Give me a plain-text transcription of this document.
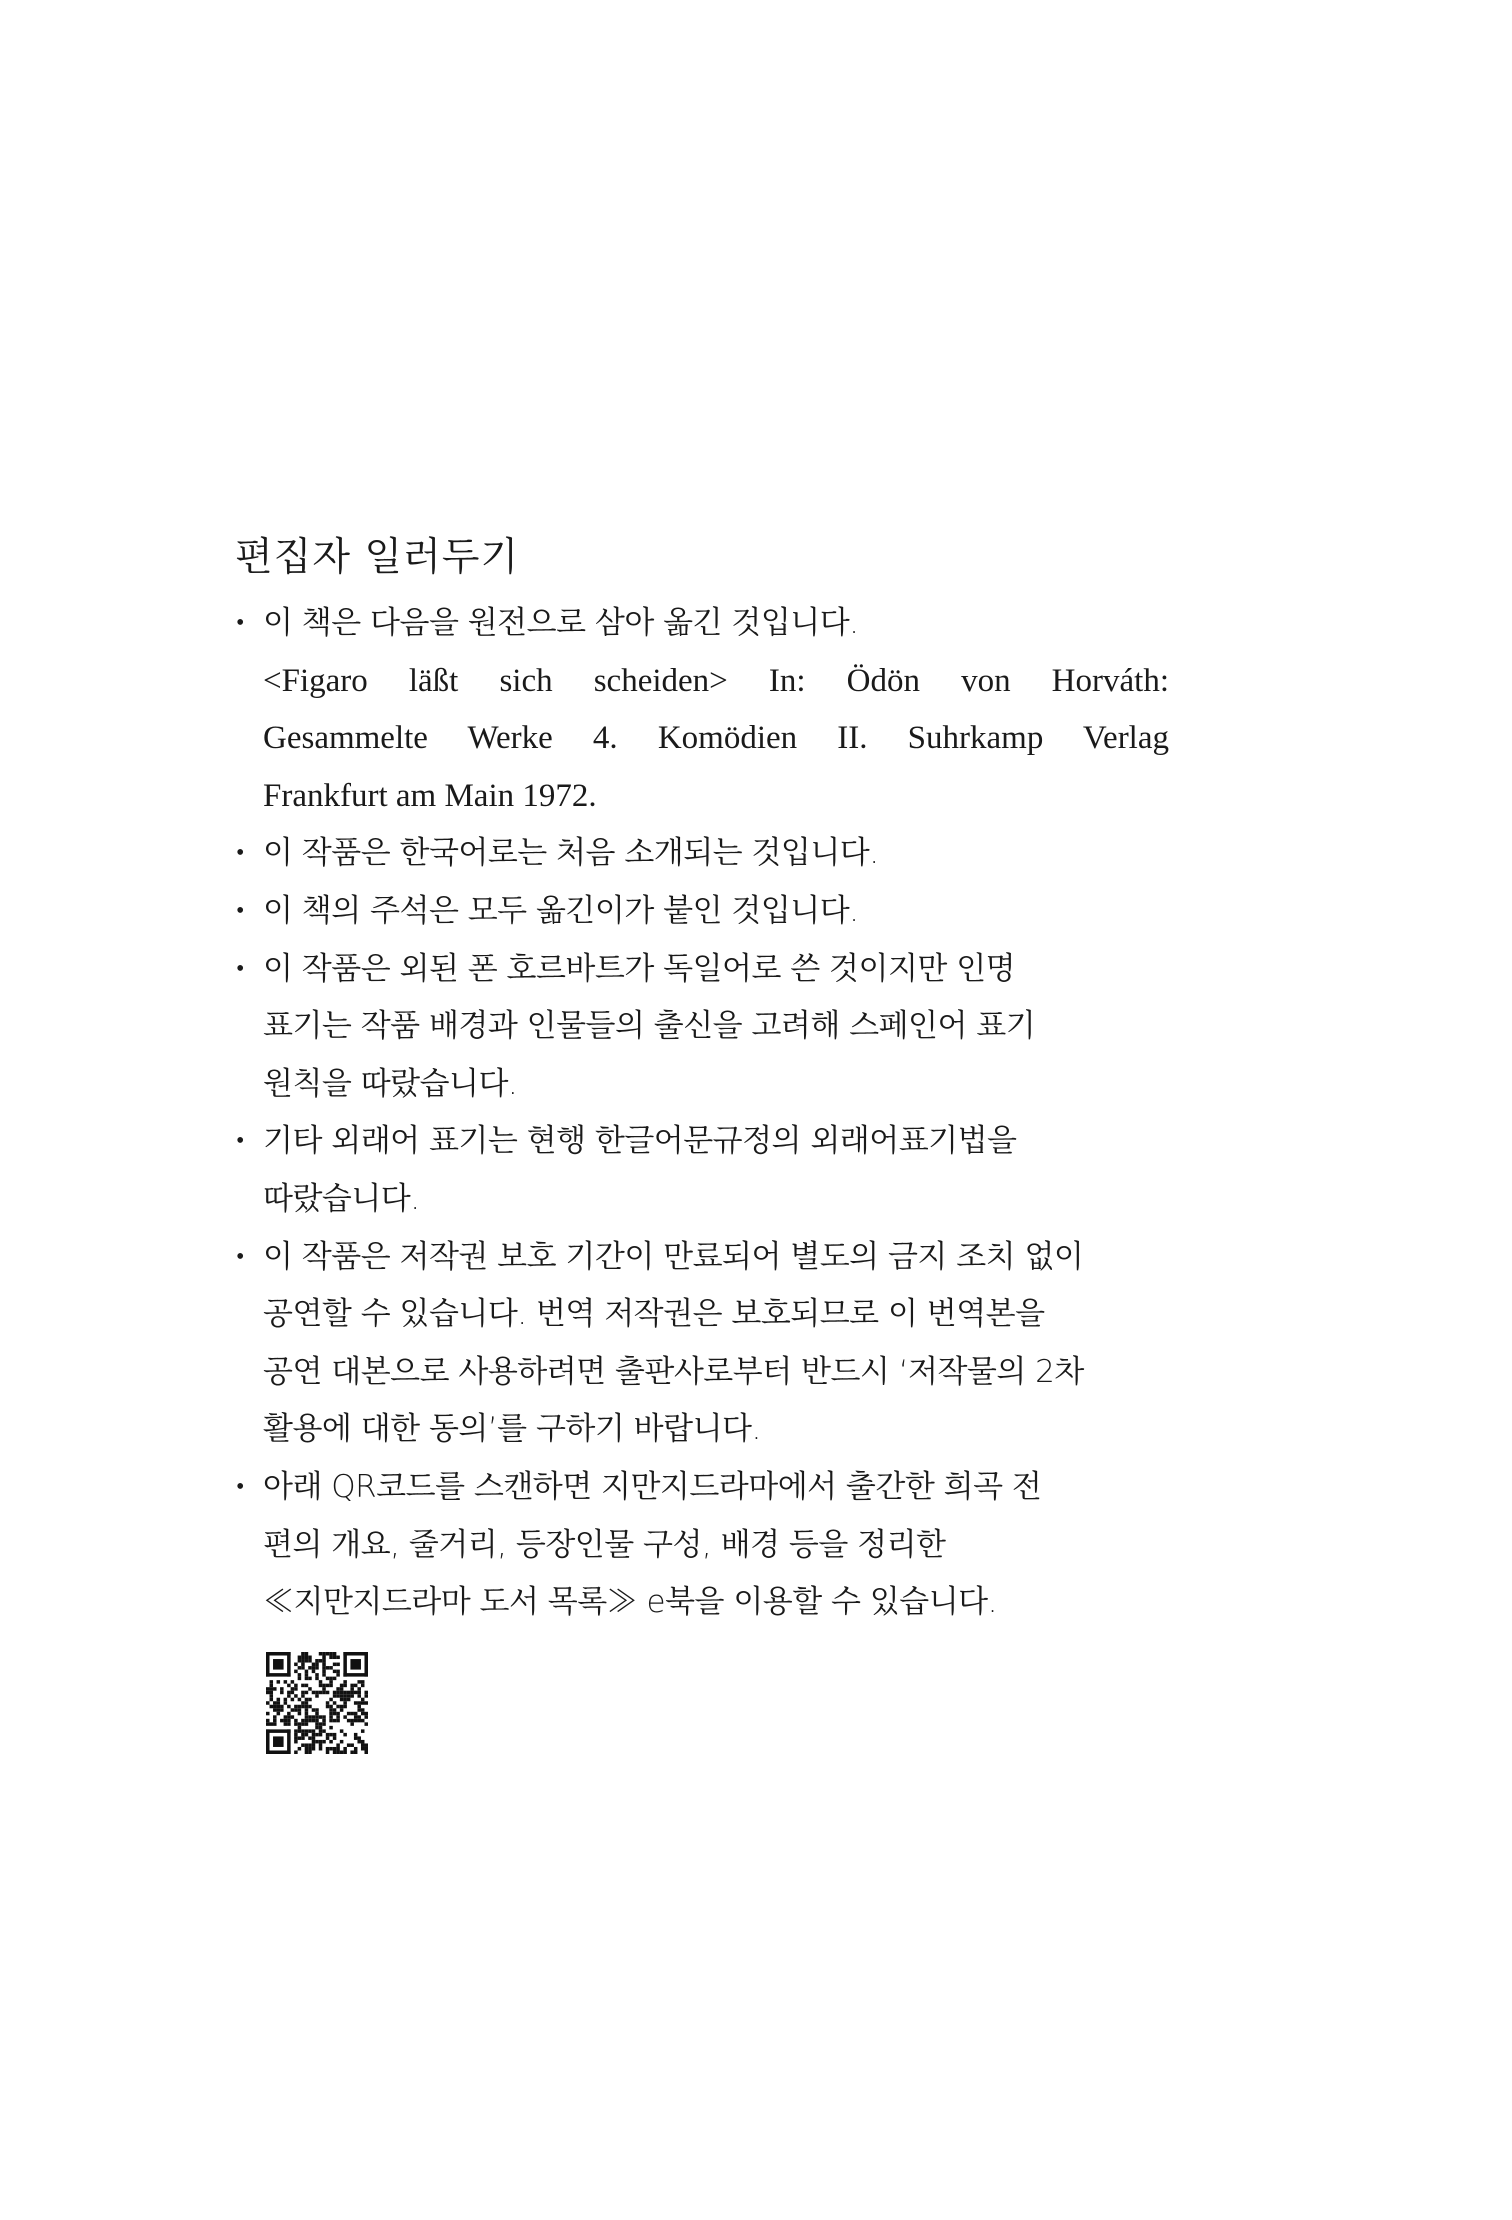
편집자 일러두기
• 이 책은 다음을 원전으로 삼아 옮긴 것입니다.
<Figaro läßt sich scheiden> In: Ödön von Horváth:
Gesammelte Werke 4. Komödien II. Suhrkamp Verlag
Frankfurt am Main 1972.
• 이 작품은 한국어로는 처음 소개되는 것입니다.
• 이 책의 주석은 모두 옮긴이가 붙인 것입니다.
• 이 작품은 외된 폰 호르바트가 독일어로 쓴 것이지만 인명
표기는 작품 배경과 인물들의 출신을 고려해 스페인어 표기
원칙을 따랐습니다.
• 기타 외래어 표기는 현행 한글어문규정의 외래어표기법을
따랐습니다.
• 이 작품은 저작권 보호 기간이 만료되어 별도의 금지 조치 없이
공연할 수 있습니다. 번역 저작권은 보호되므로 이 번역본을
공연 대본으로 사용하려면 출판사로부터 반드시 ‘저작물의 2차
활용에 대한 동의’를 구하기 바랍니다.
• 아래 QR코드를 스캔하면 지만지드라마에서 출간한 희곡 전
편의 개요, 줄거리, 등장인물 구성, 배경 등을 정리한
≪지만지드라마 도서 목록≫ e북을 이용할 수 있습니다.
